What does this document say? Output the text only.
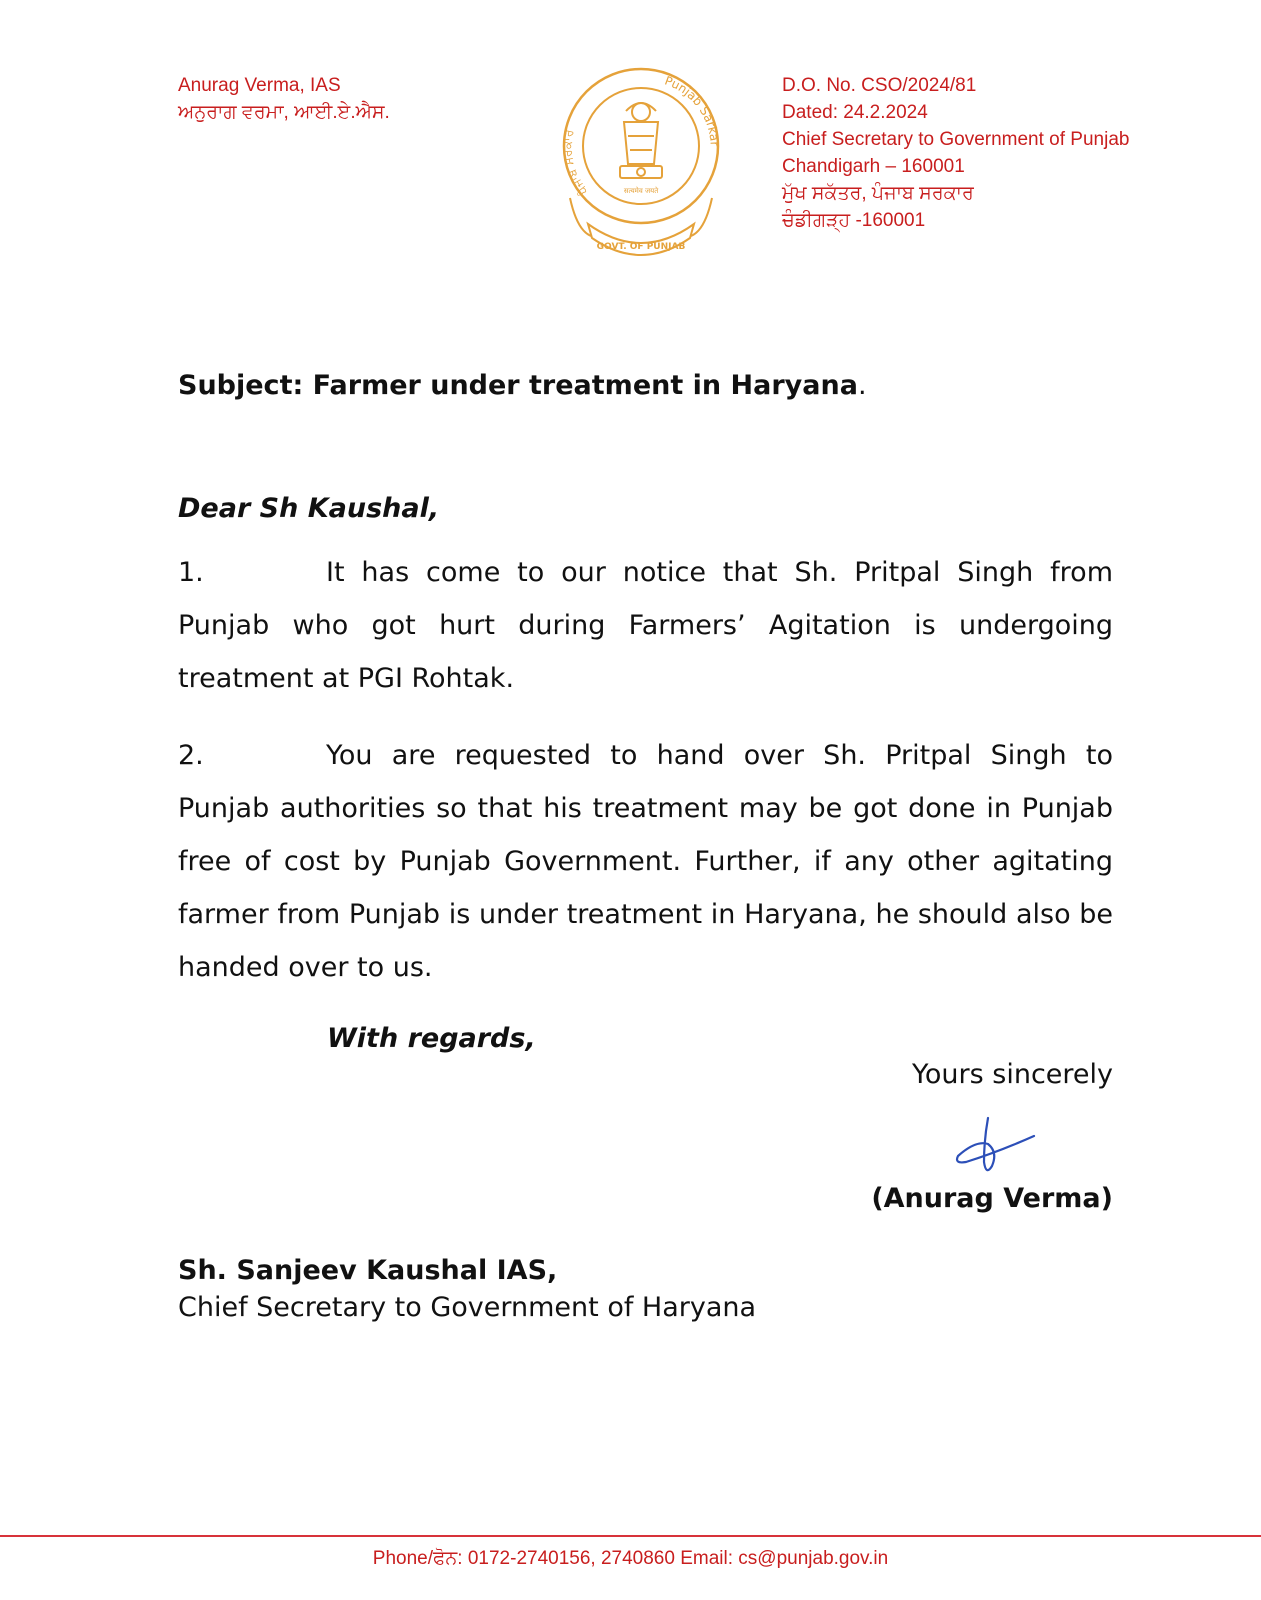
Anurag Verma, IAS
ਅਨੁਰਾਗ ਵਰਮਾ, ਆਈ.ਏ.ਐਸ.
ਪੰਜਾਬ ਸਰਕਾਰ
Punjab Sarkar
सत्यमेव जयते
GOVT. OF PUNJAB
D.O. No. CSO/2024/81
Dated: 24.2.2024
Chief Secretary to Government of Punjab
Chandigarh – 160001
ਮੁੱਖ ਸਕੱਤਰ, ਪੰਜਾਬ ਸਰਕਾਰ
ਚੰਡੀਗੜ੍ਹ -160001
Subject: Farmer under treatment in Haryana.
Dear Sh Kaushal,

1.	It has come to our notice that Sh. Pritpal Singh from Punjab who got hurt during Farmers’ Agitation is undergoing treatment at PGI Rohtak.

2.	You are requested to hand over Sh. Pritpal Singh to Punjab authorities so that his treatment may be got done in Punjab free of cost by Punjab Government. Further, if any other agitating farmer from Punjab is under treatment in Haryana, he should also be handed over to us.

With regards,
Yours sincerely
(Anurag Verma)
Sh. Sanjeev Kaushal IAS,
Chief Secretary to Government of Haryana
Phone/ਫੋਨ: 0172-2740156, 2740860 Email: cs@punjab.gov.in
